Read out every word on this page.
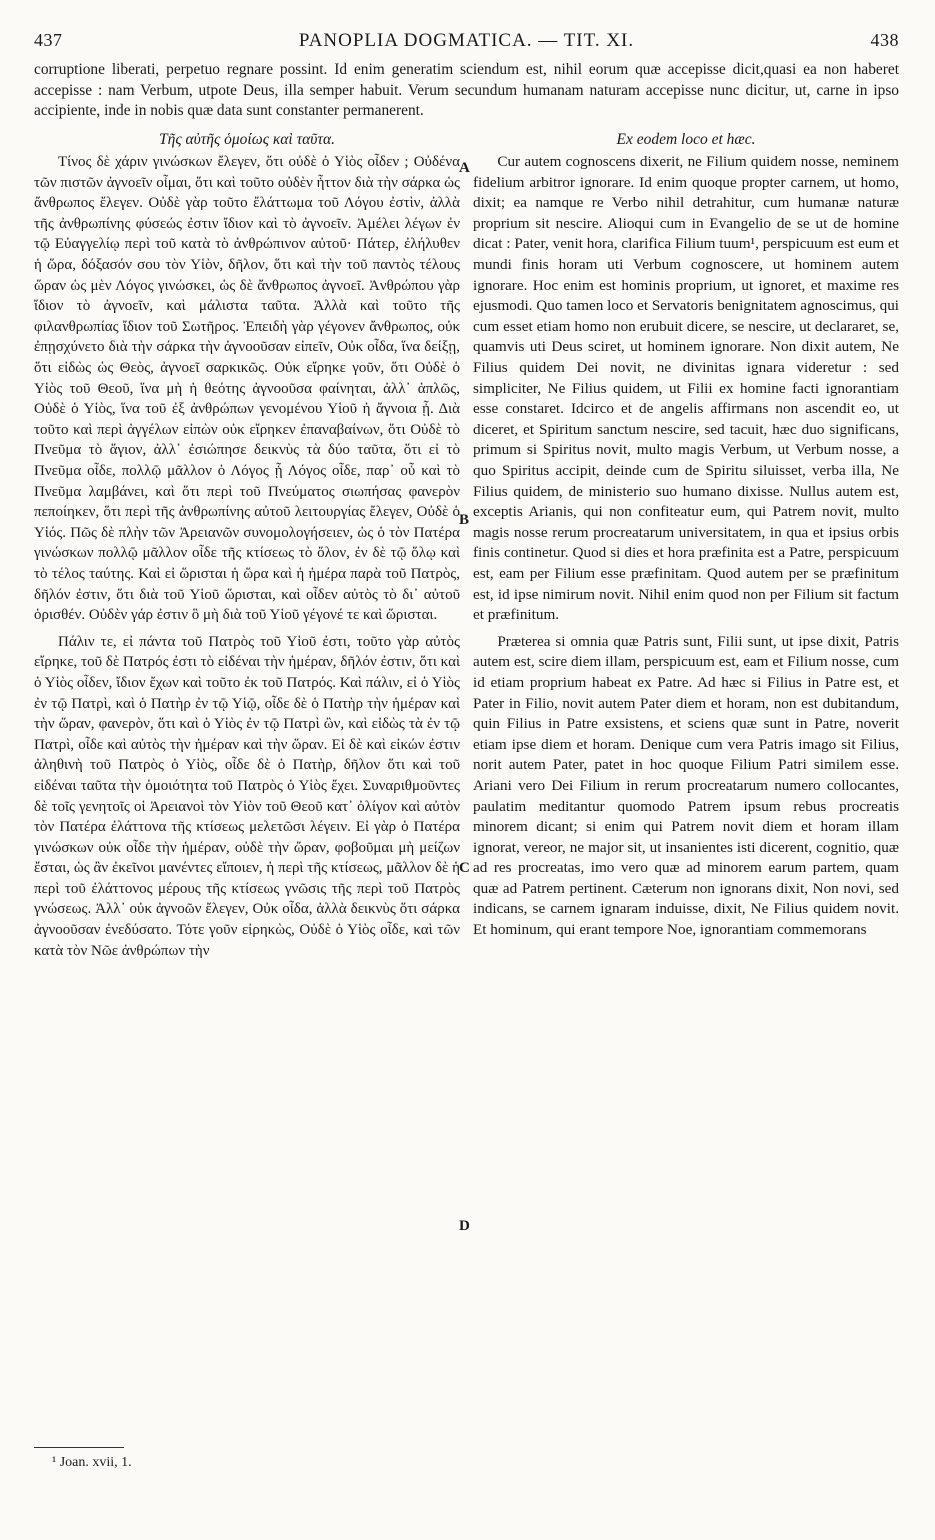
437	PANOPLIA DOGMATICA. — TIT. XI.	438
corruptione liberati, perpetuo regnare possint. Id enim generatim sciendum est, nihil eorum quæ accepisse dicit,quasi ea non haberet accepisse : nam Verbum, utpote Deus, illa semper habuit. Verum secundum humanam naturam accepisse nunc dicitur, ut, carne in ipso accipiente, inde in nobis quæ data sunt constanter permanerent.
Τῆς αὐτῆς ὁμοίως καὶ ταῦτα.

Τίνος δὲ χάριν γινώσκων ἔλεγεν, ὅτι οὐδὲ ὁ Υἱὸς οἶδεν ; Οὐδένα τῶν πιστῶν ἀγνοεῖν οἶμαι, ὅτι καὶ τοῦτο οὐδὲν ἧττον διὰ τὴν σάρκα ὡς ἄνθρωπος ἔλεγεν. Οὐδὲ γὰρ τοῦτο ἔλάττωμα τοῦ Λόγου ἐστὶν, ἀλλὰ τῆς ἀνθρωπίνης φύσεώς ἐστιν ἴδιον καὶ τὸ ἀγνοεῖν. Ἀμέλει λέγων ἐν τῷ Εὐαγγελίῳ περὶ τοῦ κατὰ τὸ ἀνθρώπινον αὐτοῦ· Πάτερ, ἐλήλυθεν ἡ ὥρα, δόξασόν σου τὸν Υἱὸν, δῆλον, ὅτι καὶ τὴν τοῦ παντὸς τέλους ὥραν ὡς μὲν Λόγος γινώσκει, ὡς δὲ ἄνθρωπος ἀγνοεῖ. Ἀνθρώπου γὰρ ἴδιον τὸ ἀγνοεῖν, καὶ μάλιστα ταῦτα. Ἀλλὰ καὶ τοῦτο τῆς φιλανθρωπίας ἴδιον τοῦ Σωτῆρος. Ἐπειδὴ γὰρ γέγονεν ἄνθρωπος, οὐκ ἐπῃσχύνετο διὰ τὴν σάρκα τὴν ἀγνοοῦσαν εἰπεῖν, Οὐκ οἶδα, ἵνα δείξῃ, ὅτι εἰδὼς ὡς Θεὸς, ἀγνοεῖ σαρκικῶς. Οὐκ εἴρηκε γοῦν, ὅτι Οὐδὲ ὁ Υἱὸς τοῦ Θεοῦ, ἵνα μὴ ἡ θεότης ἀγνοοῦσα φαίνηται, ἀλλ᾽ ἁπλῶς, Οὐδὲ ὁ Υἱὸς, ἵνα τοῦ ἐξ ἀνθρώπων γενομένου Υἱοῦ ἡ ἄγνοια ᾖ. Διὰ τοῦτο καὶ περὶ ἀγγέλων εἰπὼν οὐκ εἴρηκεν ἐπαναβαίνων, ὅτι Οὐδὲ τὸ Πνεῦμα τὸ ἅγιον, ἀλλ᾽ ἐσιώπησε δεικνὺς τὰ δύο ταῦτα, ὅτι εἰ τὸ Πνεῦμα οἶδε, πολλῷ μᾶλλον ὁ Λόγος ᾗ Λόγος οἶδε, παρ᾽ οὗ καὶ τὸ Πνεῦμα λαμβάνει, καὶ ὅτι περὶ τοῦ Πνεύματος σιωπήσας φανερὸν πεποίηκεν, ὅτι περὶ τῆς ἀνθρωπίνης αὐτοῦ λειτουργίας ἔλεγεν, Οὐδὲ ὁ Υἱός. Πῶς δὲ πλὴν τῶν Ἀρειανῶν συνομολογήσειεν, ὡς ὁ τὸν Πατέρα γινώσκων πολλῷ μᾶλλον οἶδε τῆς κτίσεως τὸ ὅλον, ἐν δὲ τῷ ὅλῳ καὶ τὸ τέλος ταύτης. Καὶ εἰ ὥρισται ἡ ὥρα καὶ ἡ ἡμέρα παρὰ τοῦ Πατρὸς, δῆλόν ἐστιν, ὅτι διὰ τοῦ Υἱοῦ ὥρισται, καὶ οἶδεν αὐτὸς τὸ δι᾽ αὐτοῦ ὁρισθέν. Οὐδὲν γάρ ἐστιν ὃ μὴ διὰ τοῦ Υἱοῦ γέγονέ τε καὶ ὥρισται.

Πάλιν τε, εἰ πάντα τοῦ Πατρὸς τοῦ Υἱοῦ ἐστι, τοῦτο γὰρ αὐτὸς εἴρηκε, τοῦ δὲ Πατρός ἐστι τὸ εἰδέναι τὴν ἡμέραν, δῆλόν ἐστιν, ὅτι καὶ ὁ Υἱὸς οἶδεν, ἴδιον ἔχων καὶ τοῦτο ἐκ τοῦ Πατρός. Καὶ πάλιν, εἰ ὁ Υἱὸς ἐν τῷ Πατρὶ, καὶ ὁ Πατὴρ ἐν τῷ Υἱῷ, οἶδε δὲ ὁ Πατὴρ τὴν ἡμέραν καὶ τὴν ὥραν, φανερὸν, ὅτι καὶ ὁ Υἱὸς ἐν τῷ Πατρὶ ὢν, καὶ εἰδὼς τὰ ἐν τῷ Πατρὶ, οἶδε καὶ αὐτὸς τὴν ἡμέραν καὶ τὴν ὥραν. Εἰ δὲ καὶ εἰκών ἐστιν ἀληθινὴ τοῦ Πατρὸς ὁ Υἱὸς, οἶδε δὲ ὁ Πατὴρ, δῆλον ὅτι καὶ τοῦ εἰδέναι ταῦτα τὴν ὁμοιότητα τοῦ Πατρὸς ὁ Υἱὸς ἔχει. Συναριθμοῦντες δὲ τοῖς γενητοῖς οἱ Ἀρειανοὶ τὸν Υἱὸν τοῦ Θεοῦ κατ᾽ ὀλίγον καὶ αὐτὸν τὸν Πατέρα ἐλάττονα τῆς κτίσεως μελετῶσι λέγειν. Εἰ γὰρ ὁ Πατέρα γινώσκων οὐκ οἶδε τὴν ἡμέραν, οὐδὲ τὴν ὥραν, φοβοῦμαι μὴ μείζων ἔσται, ὡς ἂν ἐκεῖνοι μανέντες εἴποιεν, ἡ περὶ τῆς κτίσεως, μᾶλλον δὲ ἡ περὶ τοῦ ἐλάττονος μέρους τῆς κτίσεως γνῶσις τῆς περὶ τοῦ Πατρὸς γνώσεως. Ἀλλ᾽ οὐκ ἀγνοῶν ἔλεγεν, Οὐκ οἶδα, ἀλλὰ δεικνὺς ὅτι σάρκα ἀγνοοῦσαν ἐνεδύσατο. Τότε γοῦν εἰρηκὼς, Οὐδὲ ὁ Υἱὸς οἶδε, καὶ τῶν κατὰ τὸν Νῶε ἀνθρώπων τὴν

Ex eodem loco et hæc.

Cur autem cognoscens dixerit, ne Filium quidem nosse, neminem fidelium arbitror ignorare. Id enim quoque propter carnem, ut homo, dixit; ea namque re Verbo nihil detrahitur, cum humanæ naturæ proprium sit nescire. Alioqui cum in Evangelio de se ut de homine dicat : Pater, venit hora, clarifica Filium tuum¹, perspicuum est eum et mundi finis horam uti Verbum cognoscere, ut hominem autem ignorare. Hoc enim est hominis proprium, ut ignoret, et maxime res ejusmodi. Quo tamen loco et Servatoris benignitatem agnoscimus, qui cum esset etiam homo non erubuit dicere, se nescire, ut declararet, se, quamvis uti Deus sciret, ut hominem ignorare. Non dixit autem, Ne Filius quidem Dei novit, ne divinitas ignara videretur : sed simpliciter, Ne Filius quidem, ut Filii ex homine facti ignorantiam esse constaret. Idcirco et de angelis affirmans non ascendit eo, ut diceret, et Spiritum sanctum nescire, sed tacuit, hæc duo significans, primum si Spiritus novit, multo magis Verbum, ut Verbum nosse, a quo Spiritus accipit, deinde cum de Spiritu siluisset, verba illa, Ne Filius quidem, de ministerio suo humano dixisse. Nullus autem est, exceptis Arianis, qui non confiteatur eum, qui Patrem novit, multo magis nosse rerum procreatarum universitatem, in qua et ipsius orbis finis continetur. Quod si dies et hora præfinita est a Patre, perspicuum est, eam per Filium esse præfinitam. Quod autem per se præfinitum est, id ipse nimirum novit. Nihil enim quod non per Filium sit factum et præfinitum.

Præterea si omnia quæ Patris sunt, Filii sunt, ut ipse dixit, Patris autem est, scire diem illam, perspicuum est, eam et Filium nosse, cum id etiam proprium habeat ex Patre. Ad hæc si Filius in Patre est, et Pater in Filio, novit autem Pater diem et horam, non est dubitandum, quin Filius in Patre exsistens, et sciens quæ sunt in Patre, noverit etiam ipse diem et horam. Denique cum vera Patris imago sit Filius, norit autem Pater, patet in hoc quoque Filium Patri similem esse. Ariani vero Dei Filium in rerum procreatarum numero collocantes, paulatim meditantur quomodo Patrem ipsum rebus procreatis minorem dicant; si enim qui Patrem novit diem et horam illam ignorat, vereor, ne major sit, ut insanientes isti dicerent, cognitio, quæ ad res procreatas, imo vero quæ ad minorem earum partem, quam quæ ad Patrem pertinent. Cæterum non ignorans dixit, Non novi, sed indicans, se carnem ignaram induisse, dixit, Ne Filius quidem novit. Et hominum, qui erant tempore Noe, ignorantiam commemorans

A
B
C
D
¹ Joan. xvii, 1.
